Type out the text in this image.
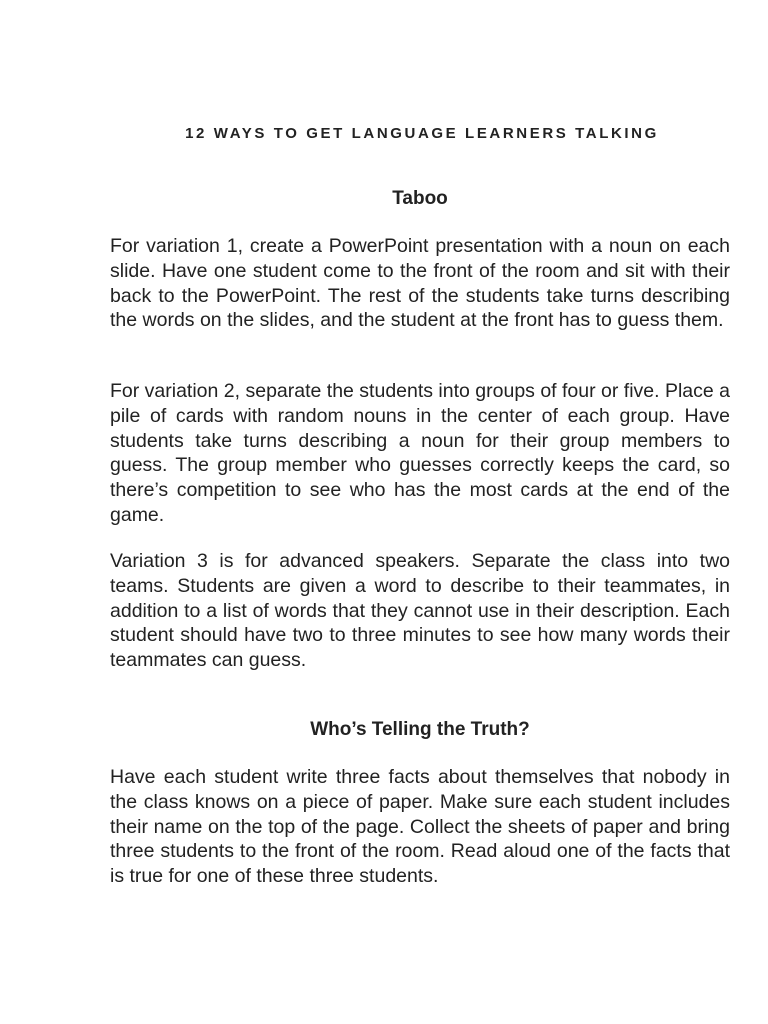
12 WAYS TO GET LANGUAGE LEARNERS TALKING
Taboo

For variation 1, create a PowerPoint presentation with a noun on each slide. Have one student come to the front of the room and sit with their back to the PowerPoint. The rest of the students take turns describing the words on the slides, and the student at the front has to guess them.

For variation 2, separate the students into groups of four or five. Place a pile of cards with random nouns in the center of each group. Have students take turns describing a noun for their group members to guess. The group member who guesses correctly keeps the card, so there’s competition to see who has the most cards at the end of the game.

Variation 3 is for advanced speakers. Separate the class into two teams. Students are given a word to describe to their teammates, in addition to a list of words that they cannot use in their description. Each student should have two to three minutes to see how many words their teammates can guess.

Who’s Telling the Truth?

Have each student write three facts about themselves that nobody in the class knows on a piece of paper. Make sure each student includes their name on the top of the page. Collect the sheets of paper and bring three students to the front of the room. Read aloud one of the facts that is true for one of these three students.
